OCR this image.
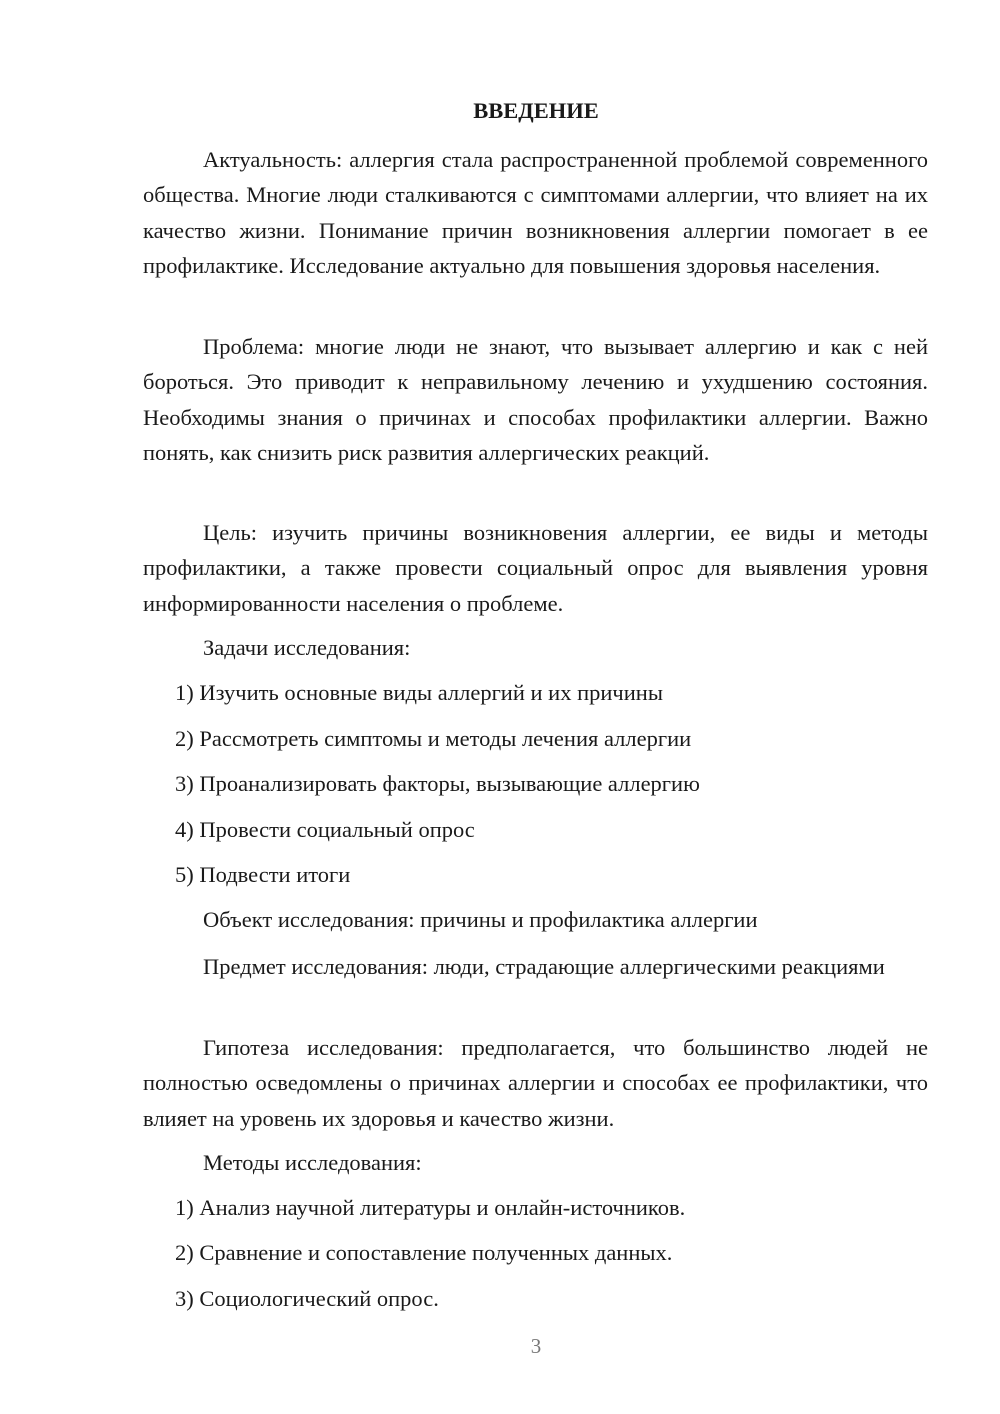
ВВЕДЕНИЕ

Актуальность: аллергия стала распространенной проблемой современного общества. Многие люди сталкиваются с симптомами аллергии, что влияет на их качество жизни. Понимание причин возникновения аллергии помогает в ее профилактике. Исследование актуально для повышения здоровья населения.

Проблема: многие люди не знают, что вызывает аллергию и как с ней бороться. Это приводит к неправильному лечению и ухудшению состояния. Необходимы знания о причинах и способах профилактики аллергии. Важно понять, как снизить риск развития аллергических реакций.

Цель: изучить причины возникновения аллергии, ее виды и методы профилактики, а также провести социальный опрос для выявления уровня информированности населения о проблеме.

Задачи исследования:

1) Изучить основные виды аллергий и их причины

2) Рассмотреть симптомы и методы лечения аллергии

3) Проанализировать факторы, вызывающие аллергию

4) Провести социальный опрос

5) Подвести итоги

Объект исследования: причины и профилактика аллергии

Предмет исследования: люди, страдающие аллергическими реакциями

Гипотеза исследования: предполагается, что большинство людей не полностью осведомлены о причинах аллергии и способах ее профилактики, что влияет на уровень их здоровья и качество жизни.

Методы исследования:

1) Анализ научной литературы и онлайн-источников.

2) Сравнение и сопоставление полученных данных.

3) Социологический опрос.

3
